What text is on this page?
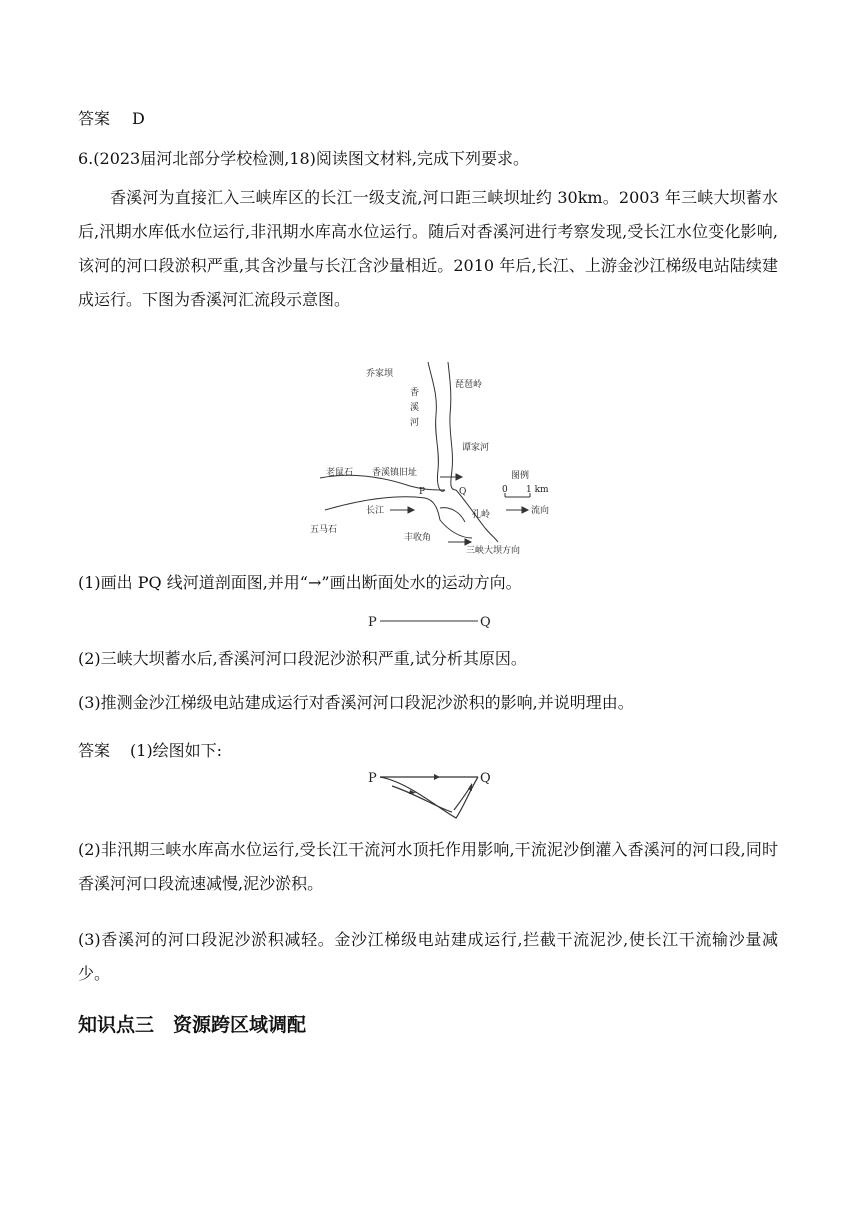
答案 D
6.(2023届河北部分学校检测,18)阅读图文材料,完成下列要求。
香溪河为直接汇入三峡库区的长江一级支流,河口距三峡坝址约 30km。2003 年三峡大坝蓄水后,汛期水库低水位运行,非汛期水库高水位运行。随后对香溪河进行考察发现,受长江水位变化影响,该河的河口段淤积严重,其含沙量与长江含沙量相近。2010 年后,长江、上游金沙江梯级电站陆续建成运行。下图为香溪河汇流段示意图。
乔家坝
琵琶岭
香
溪
河
谭家河
老鼠石 香溪镇旧址
P	Q
长江	孔岭
五马石
丰收角
三峡大坝方向
图例
0 1 km
流向
(1)画出 PQ 线河道剖面图,并用“→”画出断面处水的运动方向。
P	Q
(2)三峡大坝蓄水后,香溪河河口段泥沙淤积严重,试分析其原因。
(3)推测金沙江梯级电站建成运行对香溪河河口段泥沙淤积的影响,并说明理由。
答案 (1)绘图如下:
P	Q
(2)非汛期三峡水库高水位运行,受长江干流河水顶托作用影响,干流泥沙倒灌入香溪河的河口段,同时香溪河河口段流速减慢,泥沙淤积。
(3)香溪河的河口段泥沙淤积减轻。金沙江梯级电站建成运行,拦截干流泥沙,使长江干流输沙量减少。
知识点三　资源跨区域调配
